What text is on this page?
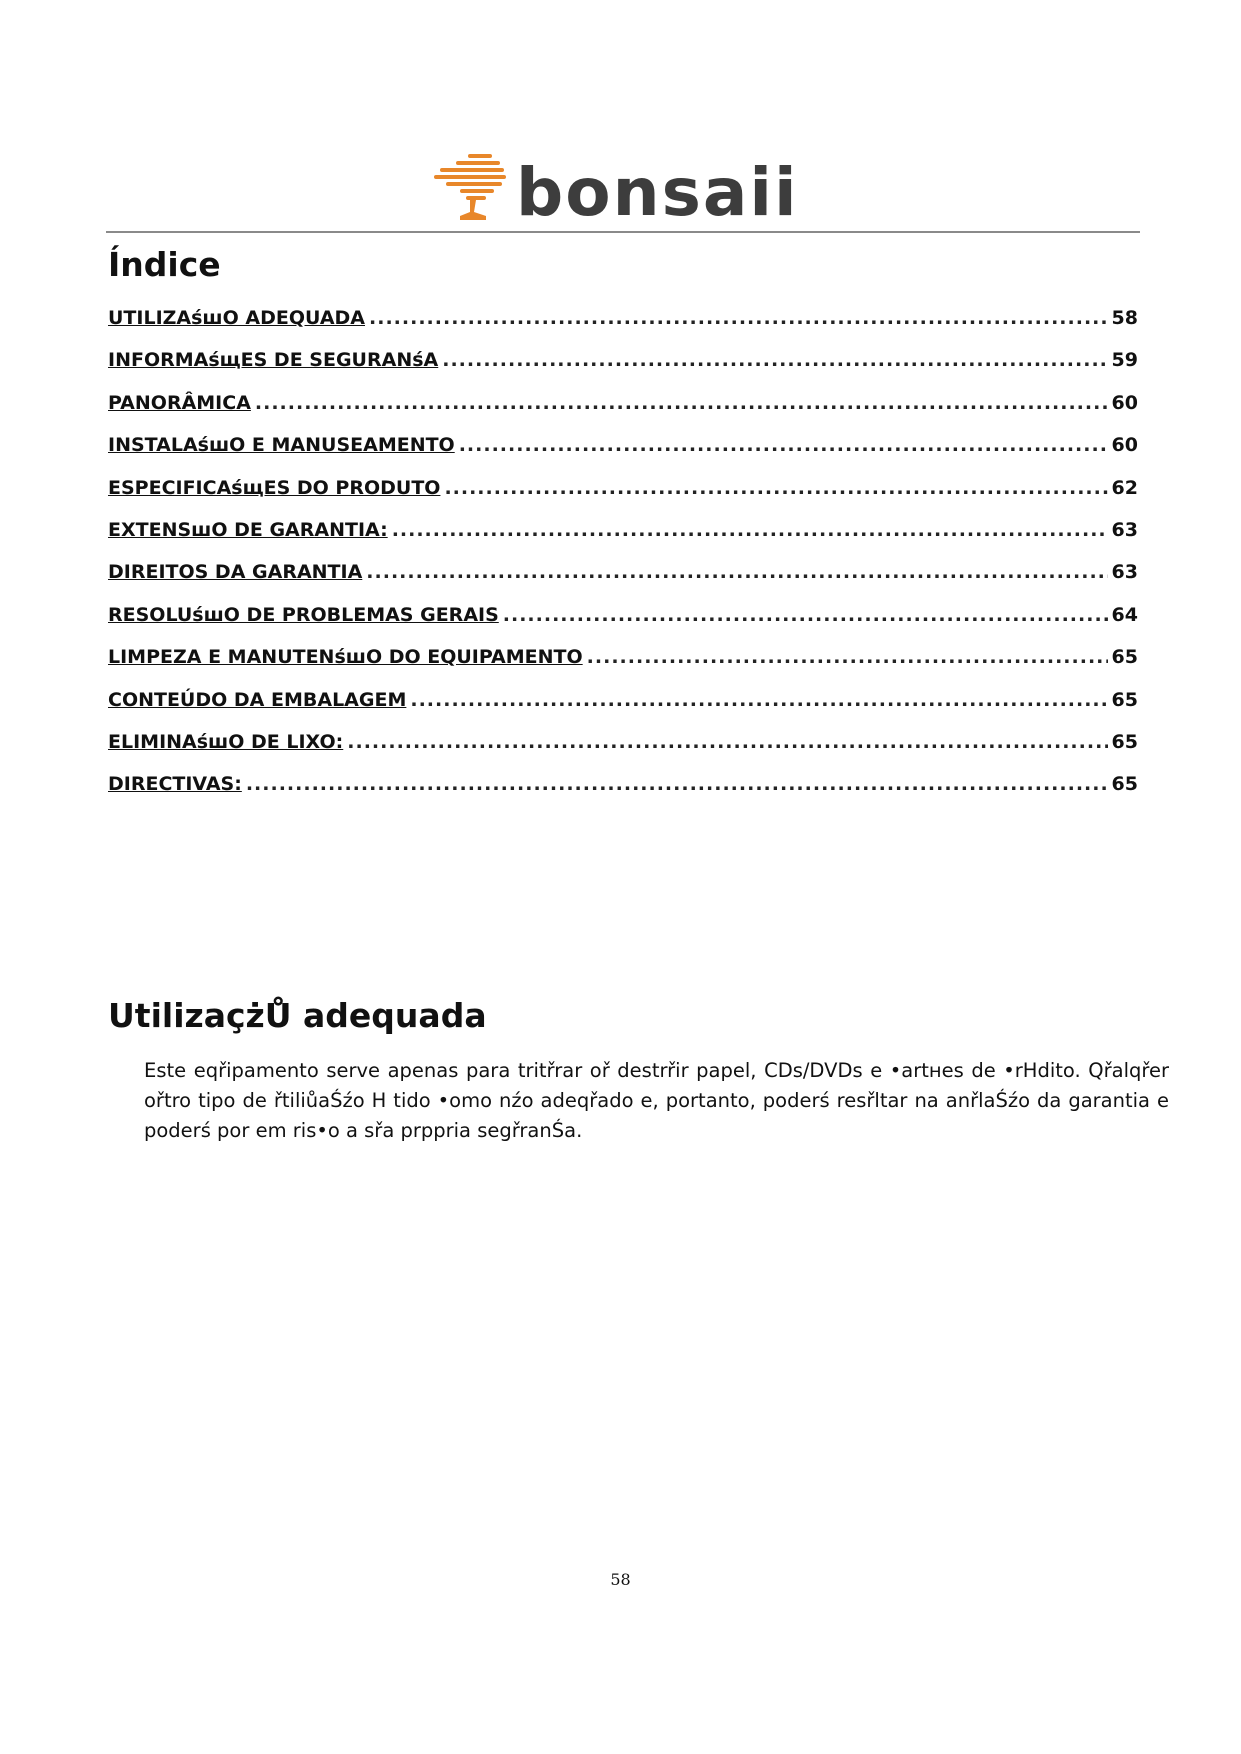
bonsaii
Índice
UTILIZAśшO ADEQUADA .....	58
INFORMAśщES DE SEGURANśA .....	59
PANORÂMICA .....	60
INSTALAśшO E MANUSEAMENTO .....	60
ESPECIFICAśщES DO PRODUTO .....	62
EXTENSшO DE GARANTIA: .....	63
DIREITOS DA GARANTIA .....	63
RESOLUśшO DE PROBLEMAS GERAIS .....	64
LIMPEZA E MANUTENśшO DO EQUIPAMENTO .....	65
CONTEÚDO DA EMBALAGEM .....	65
ELIMINAśшO DE LIXO: .....	65
DIRECTIVAS: .....	65
UtilizaçżŮ adequada

Este eqřipamento serve apenas para tritřrar oř destrřir papel, CDs/DVDs e •artнes de •rHdito. Qřalqřer ořtro tipo de řtiliůaŚźo H tido •omo nźo adeqřado e, portanto, poderś resřltar na anřlaŚźo da garantia e poderś por em ris•o a sřa prppria segřranŚa.

58
